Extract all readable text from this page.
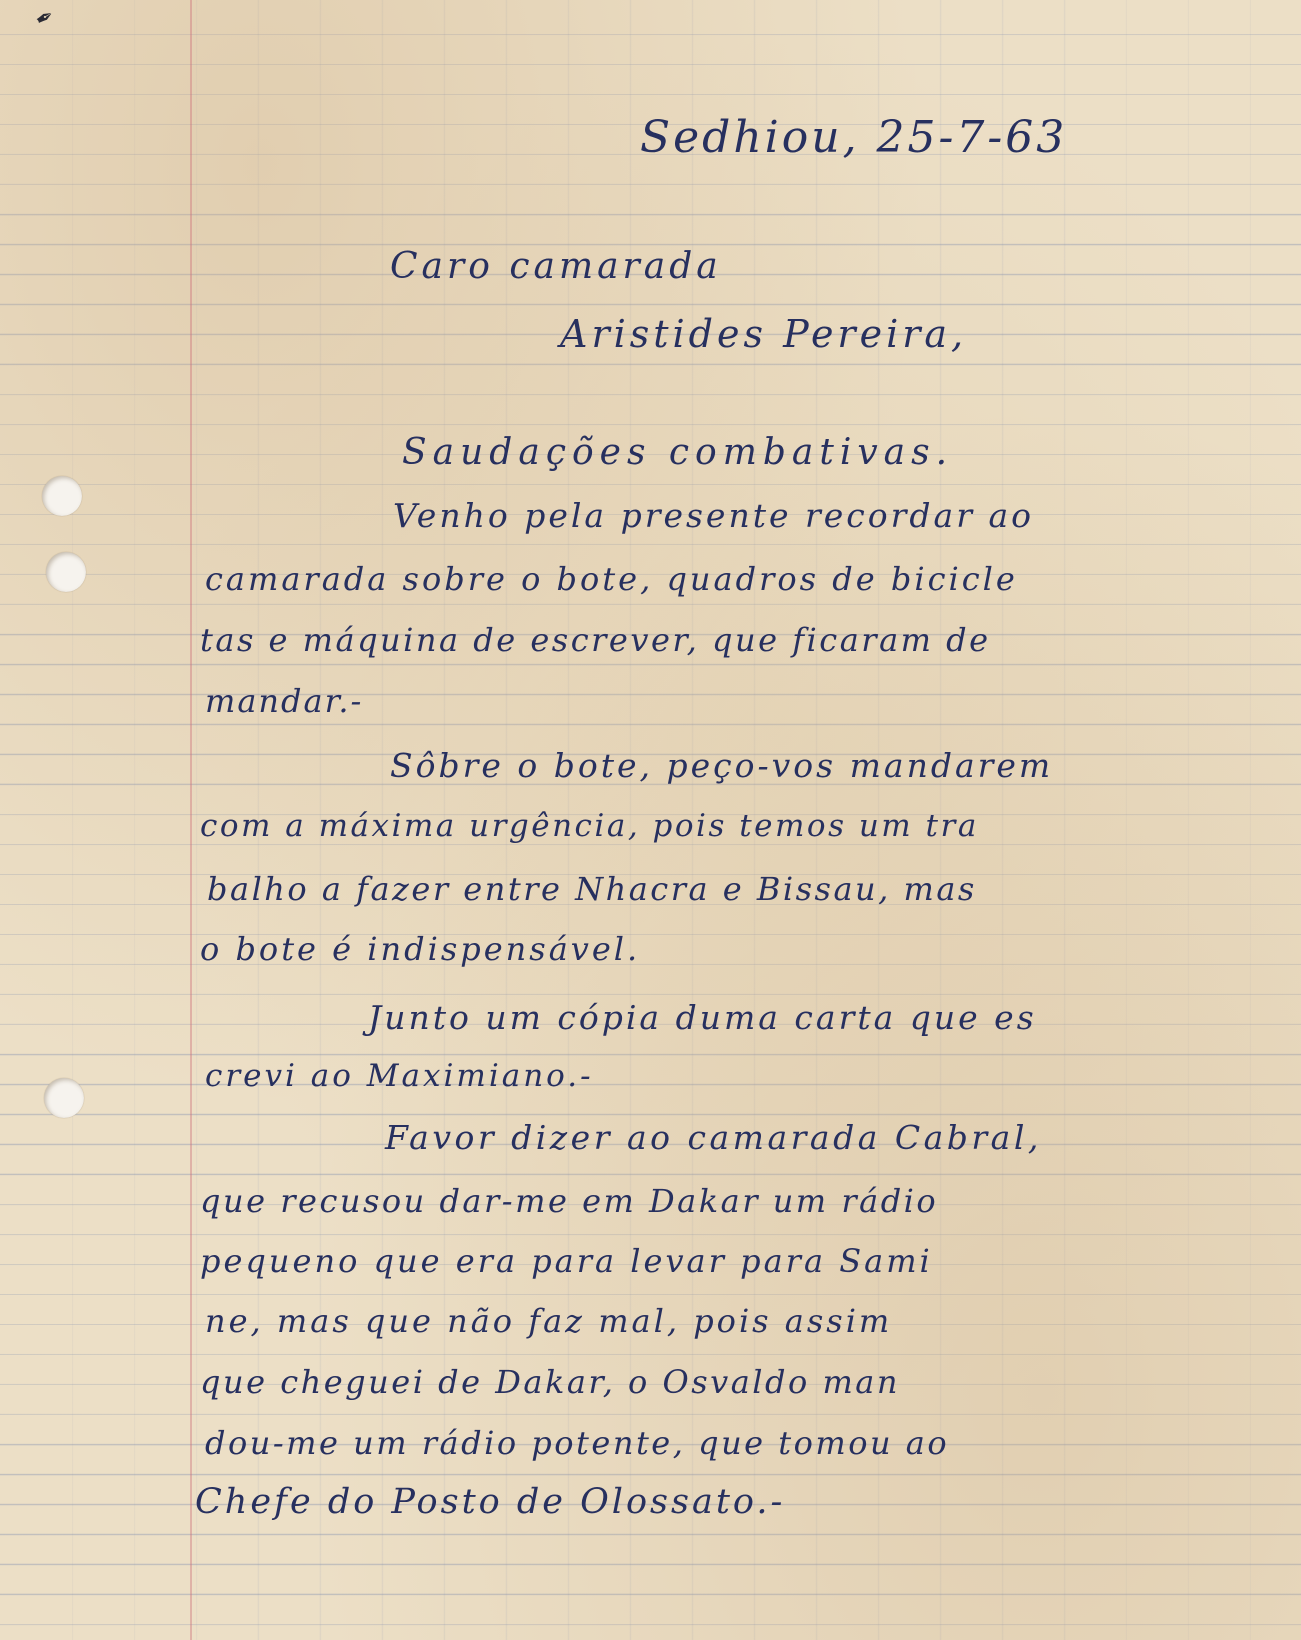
✒
Sedhiou, 25-7-63
Caro camarada
Aristides Pereira,
Saudações combativas.
Venho pela presente recordar ao
camarada sobre o bote, quadros de bicicle
tas e máquina de escrever, que ficaram de
mandar.-
Sôbre o bote, peço-vos mandarem
com a máxima urgência, pois temos um tra
balho a fazer entre Nhacra e Bissau, mas
o bote é indispensável.
Junto um cópia duma carta que es
crevi ao Maximiano.-
Favor dizer ao camarada Cabral,
que recusou dar-me em Dakar um rádio
pequeno que era para levar para Sami
ne, mas que não faz mal, pois assim
que cheguei de Dakar, o Osvaldo man
dou-me um rádio potente, que tomou ao
Chefe do Posto de Olossato.-
